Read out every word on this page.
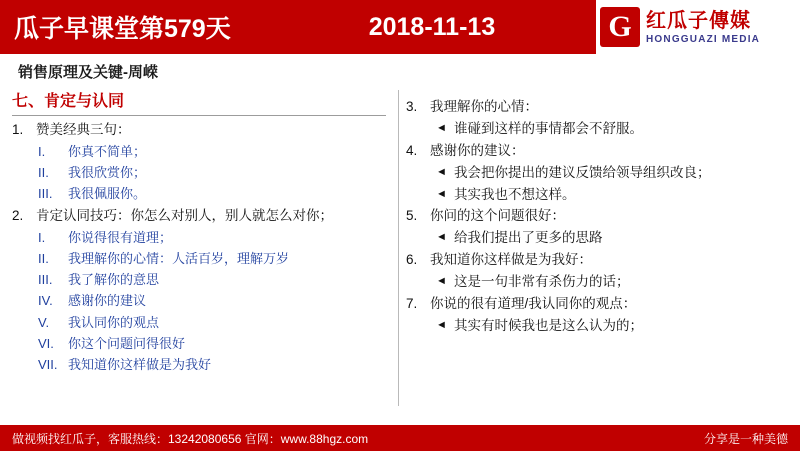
瓜子早课堂第579天	2018-11-13	G 红瓜子傳媒
HONGGUAZI MEDIA
销售原理及关键-周嵘
七、肯定与认同
1. 赞美经典三句：
I.	你真不简单；
II.	我很欣赏你；
III.	我很佩服你。
2. 肯定认同技巧：你怎么对别人，别人就怎么对你；
I.	你说得很有道理；
II.	我理解你的心情：人活百岁，理解万岁
III.	我了解你的意思
IV.	感谢你的建议
V.	我认同你的观点
VI.	你这个问题问得很好
VII. 我知道你这样做是为我好
3. 我理解你的心情：
◄ 谁碰到这样的事情都会不舒服。
4. 感谢你的建议：
◄ 我会把你提出的建议反馈给领导组织改良；
◄ 其实我也不想这样。
5. 你问的这个问题很好：
◄ 给我们提出了更多的思路
6. 我知道你这样做是为我好：
◄ 这是一句非常有杀伤力的话；
7. 你说的很有道理/我认同你的观点：
◄ 其实有时候我也是这么认为的；
做视频找红瓜子，客服热线：13242080656 官网：www.88hgz.com	分享是一种美德
